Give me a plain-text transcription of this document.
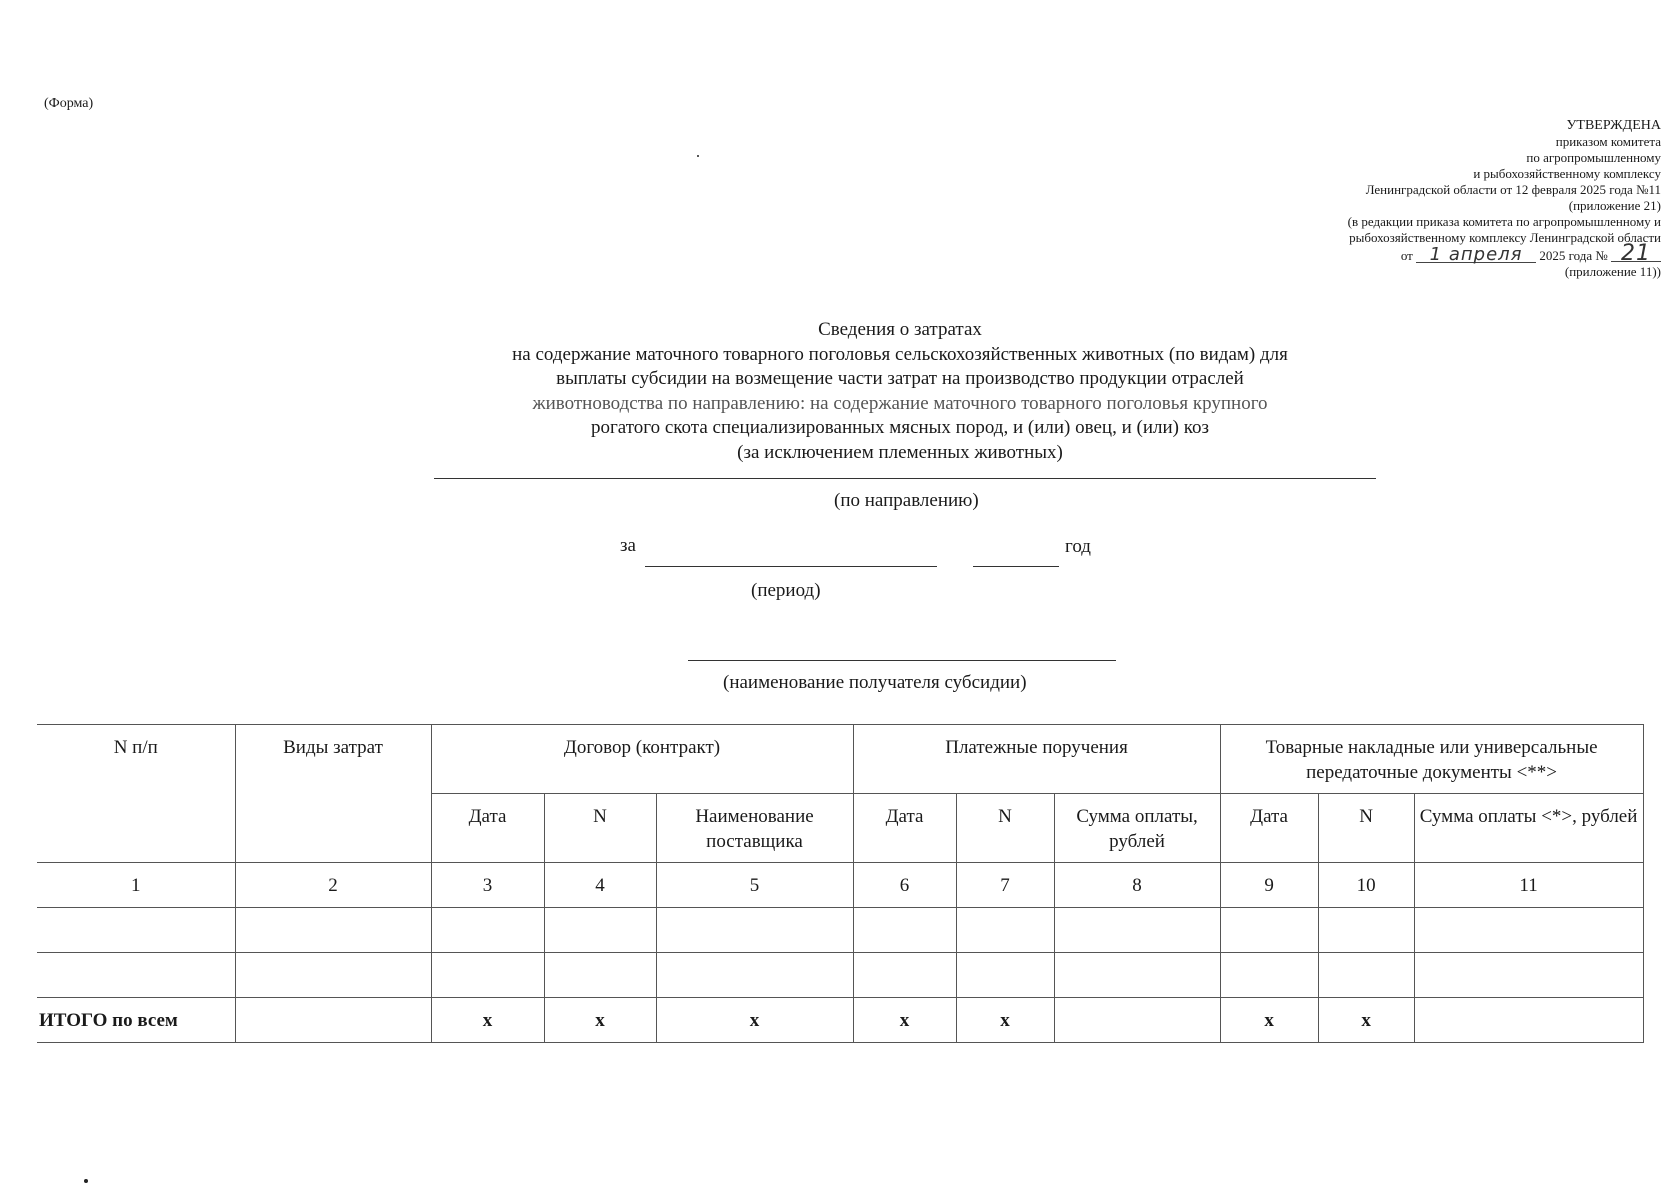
(Форма)
УТВЕРЖДЕНА
приказом комитета
по агропромышленному
и рыбохозяйственному комплексу
Ленинградской области от 12 февраля 2025 года №11
(приложение 21)
(в редакции приказа комитета по агропромышленному и
рыбохозяйственному комплексу Ленинградской области
от 1 апреля 2025 года № 21
(приложение 11))
Сведения о затратах
на содержание маточного товарного поголовья сельскохозяйственных животных (по видам) для
выплаты субсидии на возмещение части затрат на производство продукции отраслей
животноводства по направлению: на содержание маточного товарного поголовья крупного
рогатого скота специализированных мясных пород, и (или) овец, и (или) коз
(за исключением племенных животных)
(по направлению)
за	год
(период)
(наименование получателя субсидии)
N п/п	Виды затрат	Договор (контракт)			Платежные поручения			Товарные накладные или универсальные передаточные документы <**>		
		Дата	N	Наименование поставщика	Дата	N	Сумма оплаты, рублей	Дата	N	Сумма оплаты <*>, рублей
1	2	3	4	5	6	7	8	9	10	11

ИТОГО по всем		х	х	х	х	х		х	х	
